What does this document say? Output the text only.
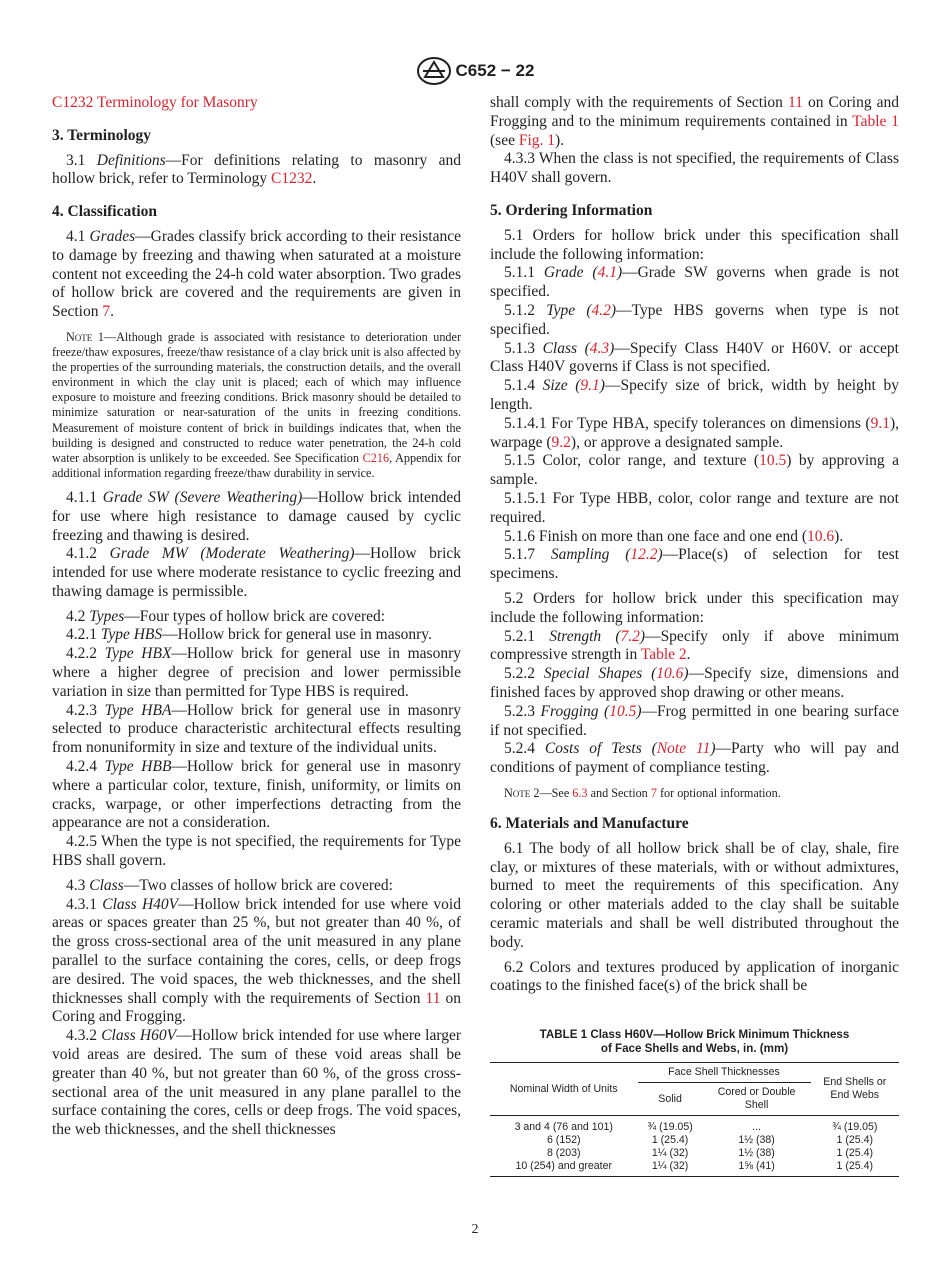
C652 − 22

C1232 Terminology for Masonry

3. Terminology

3.1 Definitions—For definitions relating to masonry and hollow brick, refer to Terminology C1232.

4. Classification

4.1 Grades—Grades classify brick according to their resistance to damage by freezing and thawing when saturated at a moisture content not exceeding the 24-h cold water absorption. Two grades of hollow brick are covered and the requirements are given in Section 7.

Note 1—Although grade is associated with resistance to deterioration under freeze/thaw exposures, freeze/thaw resistance of a clay brick unit is also affected by the properties of the surrounding materials, the construction details, and the overall environment in which the clay unit is placed; each of which may influence exposure to moisture and freezing conditions. Brick masonry should be detailed to minimize saturation or near-saturation of the units in freezing conditions. Measurement of moisture content of brick in buildings indicates that, when the building is designed and constructed to reduce water penetration, the 24-h cold water absorption is unlikely to be exceeded. See Specification C216, Appendix for additional information regarding freeze/thaw durability in service.

4.1.1 Grade SW (Severe Weathering)—Hollow brick intended for use where high resistance to damage caused by cyclic freezing and thawing is desired.

4.1.2 Grade MW (Moderate Weathering)—Hollow brick intended for use where moderate resistance to cyclic freezing and thawing damage is permissible.

4.2 Types—Four types of hollow brick are covered:

4.2.1 Type HBS—Hollow brick for general use in masonry.

4.2.2 Type HBX—Hollow brick for general use in masonry where a higher degree of precision and lower permissible variation in size than permitted for Type HBS is required.

4.2.3 Type HBA—Hollow brick for general use in masonry selected to produce characteristic architectural effects resulting from nonuniformity in size and texture of the individual units.

4.2.4 Type HBB—Hollow brick for general use in masonry where a particular color, texture, finish, uniformity, or limits on cracks, warpage, or other imperfections detracting from the appearance are not a consideration.

4.2.5 When the type is not specified, the requirements for Type HBS shall govern.

4.3 Class—Two classes of hollow brick are covered:

4.3.1 Class H40V—Hollow brick intended for use where void areas or spaces greater than 25 %, but not greater than 40 %, of the gross cross-sectional area of the unit measured in any plane parallel to the surface containing the cores, cells, or deep frogs are desired. The void spaces, the web thicknesses, and the shell thicknesses shall comply with the requirements of Section 11 on Coring and Frogging.

4.3.2 Class H60V—Hollow brick intended for use where larger void areas are desired. The sum of these void areas shall be greater than 40 %, but not greater than 60 %, of the gross cross-sectional area of the unit measured in any plane parallel to the surface containing the cores, cells or deep frogs. The void spaces, the web thicknesses, and the shell thicknesses

shall comply with the requirements of Section 11 on Coring and Frogging and to the minimum requirements contained in Table 1 (see Fig. 1).

4.3.3 When the class is not specified, the requirements of Class H40V shall govern.

5. Ordering Information

5.1 Orders for hollow brick under this specification shall include the following information:

5.1.1 Grade (4.1)—Grade SW governs when grade is not specified.

5.1.2 Type (4.2)—Type HBS governs when type is not specified.

5.1.3 Class (4.3)—Specify Class H40V or H60V. or accept Class H40V governs if Class is not specified.

5.1.4 Size (9.1)—Specify size of brick, width by height by length.

5.1.4.1 For Type HBA, specify tolerances on dimensions (9.1), warpage (9.2), or approve a designated sample.

5.1.5 Color, color range, and texture (10.5) by approving a sample.

5.1.5.1 For Type HBB, color, color range and texture are not required.

5.1.6 Finish on more than one face and one end (10.6).

5.1.7 Sampling (12.2)—Place(s) of selection for test specimens.

5.2 Orders for hollow brick under this specification may include the following information:

5.2.1 Strength (7.2)—Specify only if above minimum compressive strength in Table 2.

5.2.2 Special Shapes (10.6)—Specify size, dimensions and finished faces by approved shop drawing or other means.

5.2.3 Frogging (10.5)—Frog permitted in one bearing surface if not specified.

5.2.4 Costs of Tests (Note 11)—Party who will pay and conditions of payment of compliance testing.

Note 2—See 6.3 and Section 7 for optional information.

6. Materials and Manufacture

6.1 The body of all hollow brick shall be of clay, shale, fire clay, or mixtures of these materials, with or without admixtures, burned to meet the requirements of this specification. Any coloring or other materials added to the clay shall be suitable ceramic materials and shall be well distributed throughout the body.

6.2 Colors and textures produced by application of inorganic coatings to the finished face(s) of the brick shall be

TABLE 1 Class H60V—Hollow Brick Minimum Thickness
of Face Shells and Webs, in. (mm)
Nominal Width of Units	Face Shell Thicknesses		End Shells or
End Webs
	Solid	Cored or Double
Shell	
3 and 4 (76 and 101)	¾ (19.05)	...	¾ (19.05)
6 (152)	1 (25.4)	1½ (38)	1 (25.4)
8 (203)	1¼ (32)	1½ (38)	1 (25.4)
10 (254) and greater	1¼ (32)	1⅝ (41)	1 (25.4)
2
